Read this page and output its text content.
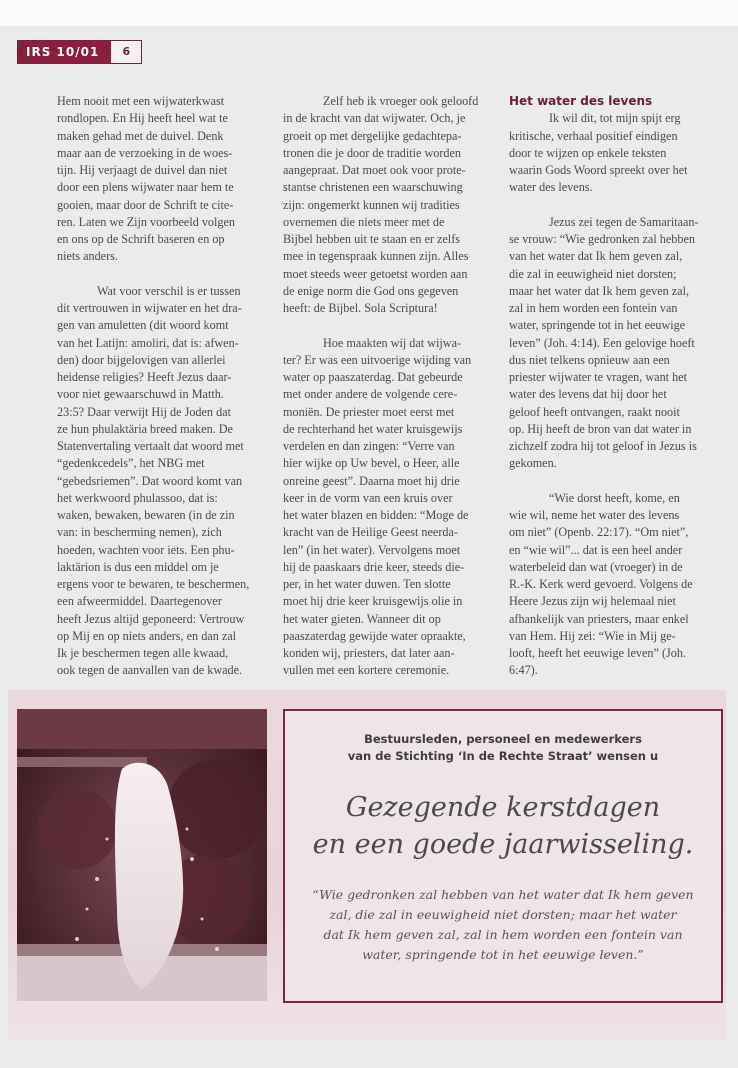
IRS 10/01	6
Hem nooit met een wijwaterkwast
rondlopen. En Hij heeft heel wat te
maken gehad met de duivel. Denk
maar aan de verzoeking in de woes-
tijn. Hij verjaagt de duivel dan niet
door een plens wijwater naar hem te
gooien, maar door de Schrift te cite-
ren. Laten we Zijn voorbeeld volgen
en ons op de Schrift baseren en op
niets anders.
Wat voor verschil is er tussen
dit vertrouwen in wijwater en het dra-
gen van amuletten (dit woord komt
van het Latijn: amoliri, dat is: afwen-
den) door bijgelovigen van allerlei
heidense religies? Heeft Jezus daar-
voor niet gewaarschuwd in Matth.
23:5? Daar verwijt Hij de Joden dat
ze hun phulaktäria breed maken. De
Statenvertaling vertaalt dat woord met
“gedenkcedels”, het NBG met
“gebedsriemen”. Dat woord komt van
het werkwoord phulassoo, dat is:
waken, bewaken, bewaren (in de zin
van: in bescherming nemen), zich
hoeden, wachten voor iets. Een phu-
laktärion is dus een middel om je
ergens voor te bewaren, te beschermen,
een afweermiddel. Daartegenover
heeft Jezus altijd geponeerd: Vertrouw
op Mij en op niets anders, en dan zal
Ik je beschermen tegen alle kwaad,
ook tegen de aanvallen van de kwade.
Zelf heb ik vroeger ook geloofd
in de kracht van dat wijwater. Och, je
groeit op met dergelijke gedachtepa-
tronen die je door de traditie worden
aangepraat. Dat moet ook voor prote-
stantse christenen een waarschuwing
zijn: ongemerkt kunnen wij tradities
overnemen die niets meer met de
Bijbel hebben uit te staan en er zelfs
mee in tegenspraak kunnen zijn. Alles
moet steeds weer getoetst worden aan
de enige norm die God ons gegeven
heeft: de Bijbel. Sola Scriptura!
Hoe maakten wij dat wijwa-
ter? Er was een uitvoerige wijding van
water op paaszaterdag. Dat gebeurde
met onder andere de volgende cere-
moniën. De priester moet eerst met
de rechterhand het water kruisgewijs
verdelen en dan zingen: “Verre van
hier wijke op Uw bevel, o Heer, alle
onreine geest”. Daarna moet hij drie
keer in de vorm van een kruis over
het water blazen en bidden: “Moge de
kracht van de Heilige Geest neerda-
len” (in het water). Vervolgens moet
hij de paaskaars drie keer, steeds die-
per, in het water duwen. Ten slotte
moet hij drie keer kruisgewijs olie in
het water gieten. Wanneer dit op
paaszaterdag gewijde water opraakte,
konden wij, priesters, dat later aan-
vullen met een kortere ceremonie.
Het water des levens
Ik wil dit, tot mijn spijt erg
kritische, verhaal positief eindigen
door te wijzen op enkele teksten
waarin Gods Woord spreekt over het
water des levens.
Jezus zei tegen de Samaritaan-
se vrouw: “Wie gedronken zal hebben
van het water dat Ik hem geven zal,
die zal in eeuwigheid niet dorsten;
maar het water dat Ik hem geven zal,
zal in hem worden een fontein van
water, springende tot in het eeuwige
leven” (Joh. 4:14). Een gelovige hoeft
dus niet telkens opnieuw aan een
priester wijwater te vragen, want het
water des levens dat hij door het
geloof heeft ontvangen, raakt nooit
op. Hij heeft de bron van dat water in
zichzelf zodra hij tot geloof in Jezus is
gekomen.
“Wie dorst heeft, kome, en
wie wil, neme het water des levens
om niet” (Openb. 22:17). “Om niet”,
en “wie wil”... dat is een heel ander
waterbeleid dan wat (vroeger) in de
R.-K. Kerk werd gevoerd. Volgens de
Heere Jezus zijn wij helemaal niet
afhankelijk van priesters, maar enkel
van Hem. Hij zei: “Wie in Mij ge-
looft, heeft het eeuwige leven” (Joh.
6:47).
Bestuursleden, personeel en medewerkers
van de Stichting ‘In de Rechte Straat’ wensen u
Gezegende kerstdagen
en een goede jaarwisseling.
“Wie gedronken zal hebben van het water dat Ik hem geven
zal, die zal in eeuwigheid niet dorsten; maar het water
dat Ik hem geven zal, zal in hem worden een fontein van
water, springende tot in het eeuwige leven.”
